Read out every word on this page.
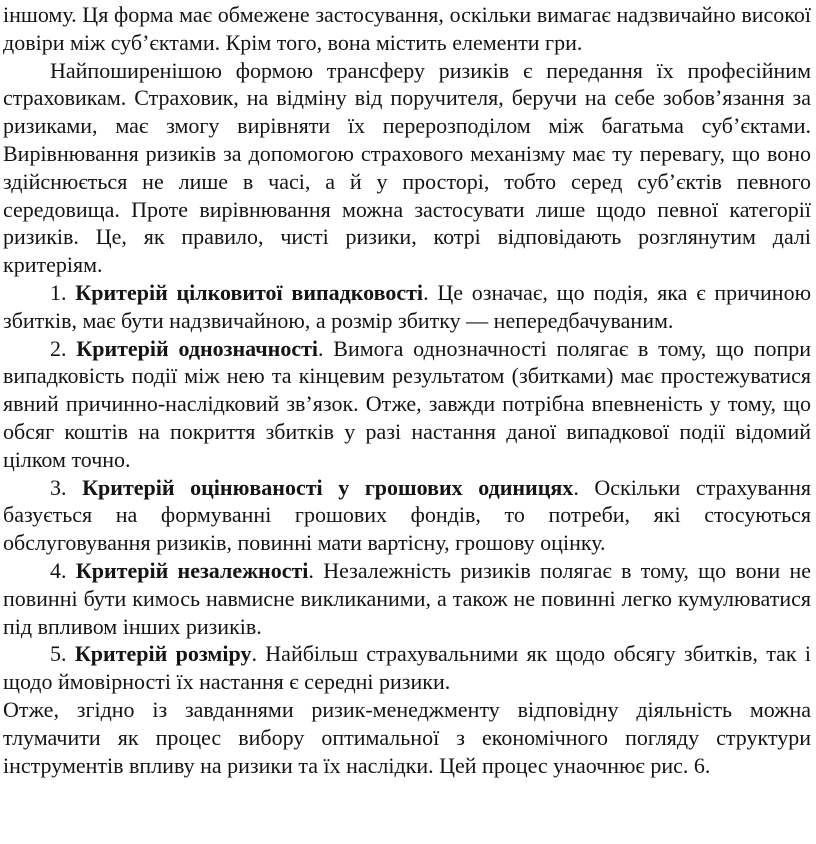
іншому. Ця форма має обмежене застосування, оскільки вимагає надзвичайно високої довіри між суб’єктами. Крім того, вона містить елементи гри.

Найпоширенішою формою трансферу ризиків є передання їх професійним страховикам. Страховик, на відміну від поручителя, беручи на себе зобов’язання за ризиками, має змогу вирівняти їх перерозподілом між багатьма суб’єктами. Вирівнювання ризиків за допомогою страхового механізму має ту перевагу, що воно здійснюється не лише в часі, а й у просторі, тобто серед суб’єктів певного середовища. Проте вирівнювання можна застосувати лише щодо певної категорії ризиків. Це, як правило, чисті ризики, котрі відповідають розглянутим далі критеріям.

1. Критерій цілковитої випадковості. Це означає, що подія, яка є причиною збитків, має бути надзвичайною, а розмір збитку — непередбачуваним.

2. Критерій однозначності. Вимога однозначності полягає в тому, що попри випадковість події між нею та кінцевим результатом (збитками) має простежуватися явний причинно-наслідковий зв’язок. Отже, завжди потрібна впевненість у тому, що обсяг коштів на покриття збитків у разі настання даної випадкової події відомий цілком точно.

3. Критерій оцінюваності у грошових одиницях. Оскільки страхування базується на формуванні грошових фондів, то потреби, які стосуються обслуговування ризиків, повинні мати вартісну, грошову оцінку.

4. Критерій незалежності. Незалежність ризиків полягає в тому, що вони не повинні бути кимось навмисне викликаними, а також не повинні легко кумулюватися під впливом інших ризиків.

5. Критерій розміру. Найбільш страхувальними як щодо обсягу збитків, так і щодо ймовірності їх настання є середні ризики.

Отже, згідно із завданнями ризик-менеджменту відповідну діяльність можна тлумачити як процес вибору оптимальної з економічного погляду структури інструментів впливу на ризики та їх наслідки. Цей процес унаочнює рис. 6.
